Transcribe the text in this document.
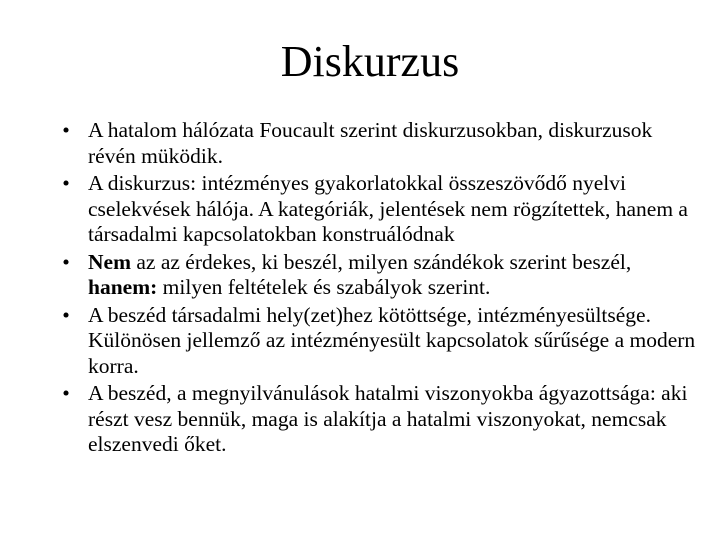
Diskurzus
• A hatalom hálózata Foucault szerint diskurzusokban, diskurzusok révén müködik.
• A diskurzus: intézményes gyakorlatokkal összeszövődő nyelvi cselekvések hálója. A kategóriák, jelentések nem rögzítettek, hanem a társadalmi kapcsolatokban konstruálódnak
• Nem az az érdekes, ki beszél, milyen szándékok szerint beszél, hanem: milyen feltételek és szabályok szerint.
• A beszéd társadalmi hely(zet)hez kötöttsége, intézményesültsége. Különösen jellemző az intézményesült kapcsolatok sűrűsége a modern korra.
• A beszéd, a megnyilvánulások hatalmi viszonyokba ágyazottsága: aki részt vesz bennük, maga is alakítja a hatalmi viszonyokat, nemcsak elszenvedi őket.
